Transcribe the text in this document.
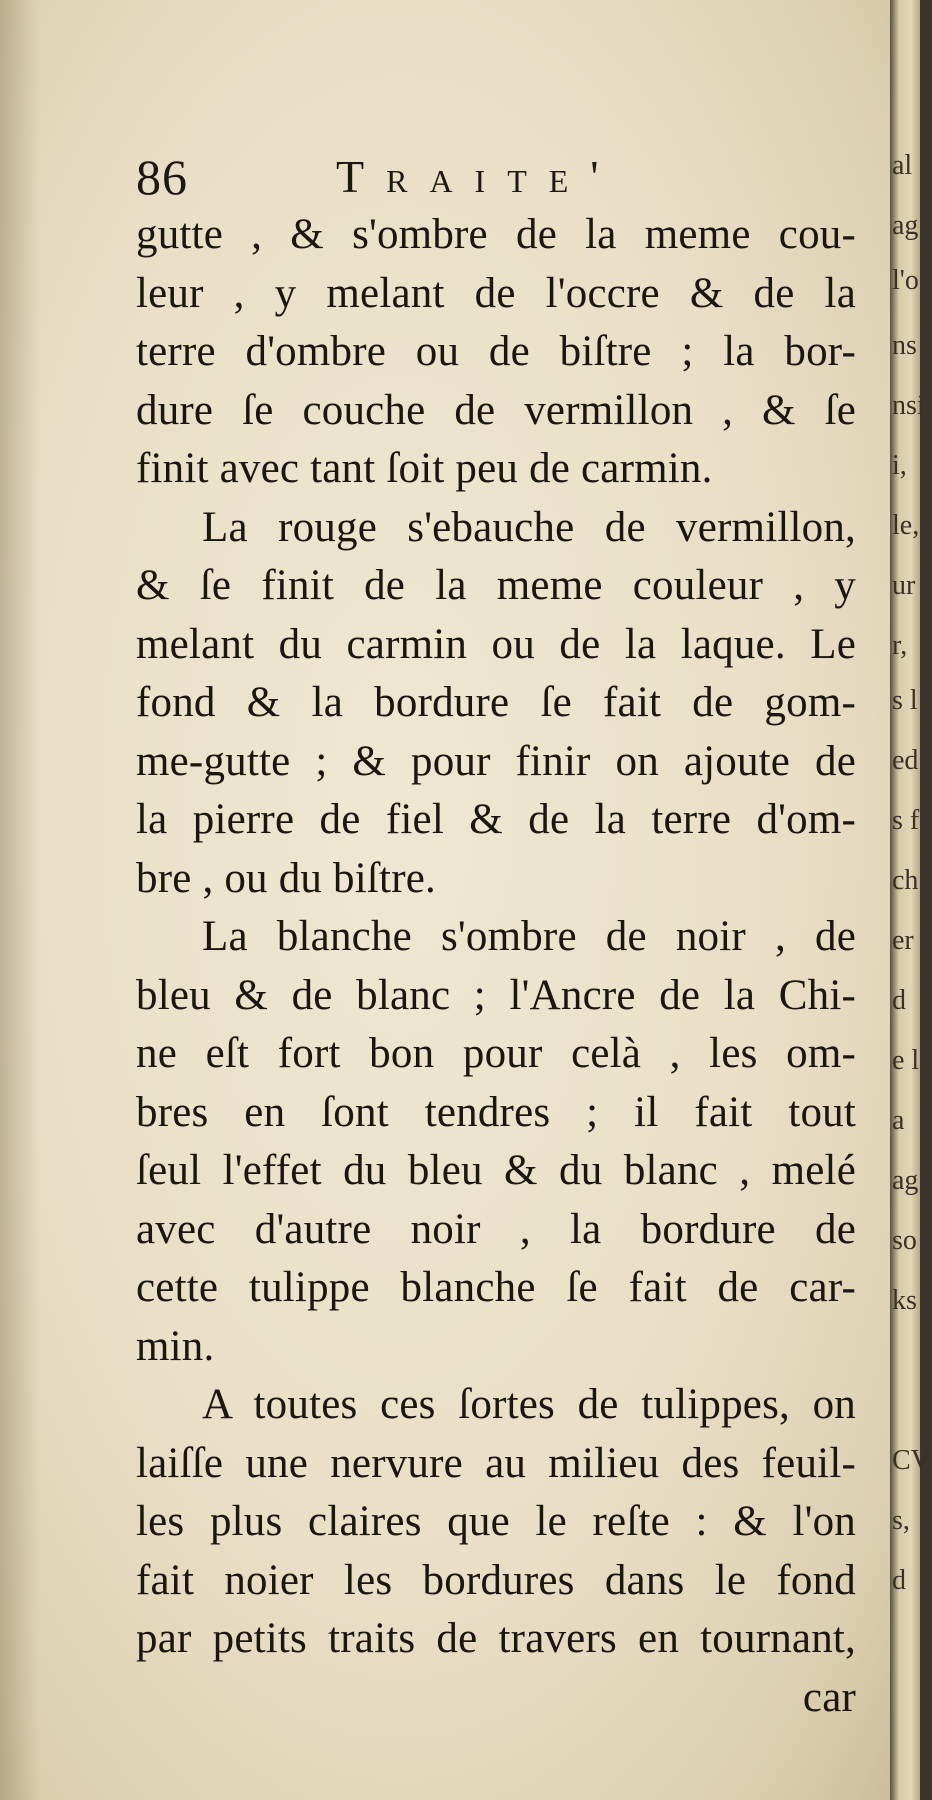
86	Traite'
gutte , & s'ombre de la meme cou-
leur , y melant de l'occre & de la
terre d'ombre ou de biſtre ; la bor-
dure ſe couche de vermillon , & ſe
finit avec tant ſoit peu de carmin.
La rouge s'ebauche de vermillon,
& ſe finit de la meme couleur , y
melant du carmin ou de la laque. Le
fond & la bordure ſe fait de gom-
me-gutte ; & pour finir on ajoute de
la pierre de fiel & de la terre d'om-
bre , ou du biſtre.
La blanche s'ombre de noir , de
bleu & de blanc ; l'Ancre de la Chi-
ne eſt fort bon pour celà , les om-
bres en ſont tendres ; il fait tout
ſeul l'effet du bleu & du blanc , melé
avec d'autre noir , la bordure de
cette tulippe blanche ſe fait de car-
min.
A toutes ces ſortes de tulippes, on
laiſſe une nervure au milieu des feuil-
les plus claires que le reſte : & l'on
fait noier les bordures dans le fond
par petits traits de travers en tournant,
car
al
ag
l'o
ns
nsi
i,
le,
ur
r,
s l
ed
s f
ch
er
d
e l
a
ag
so
ks
CV
s,
d
